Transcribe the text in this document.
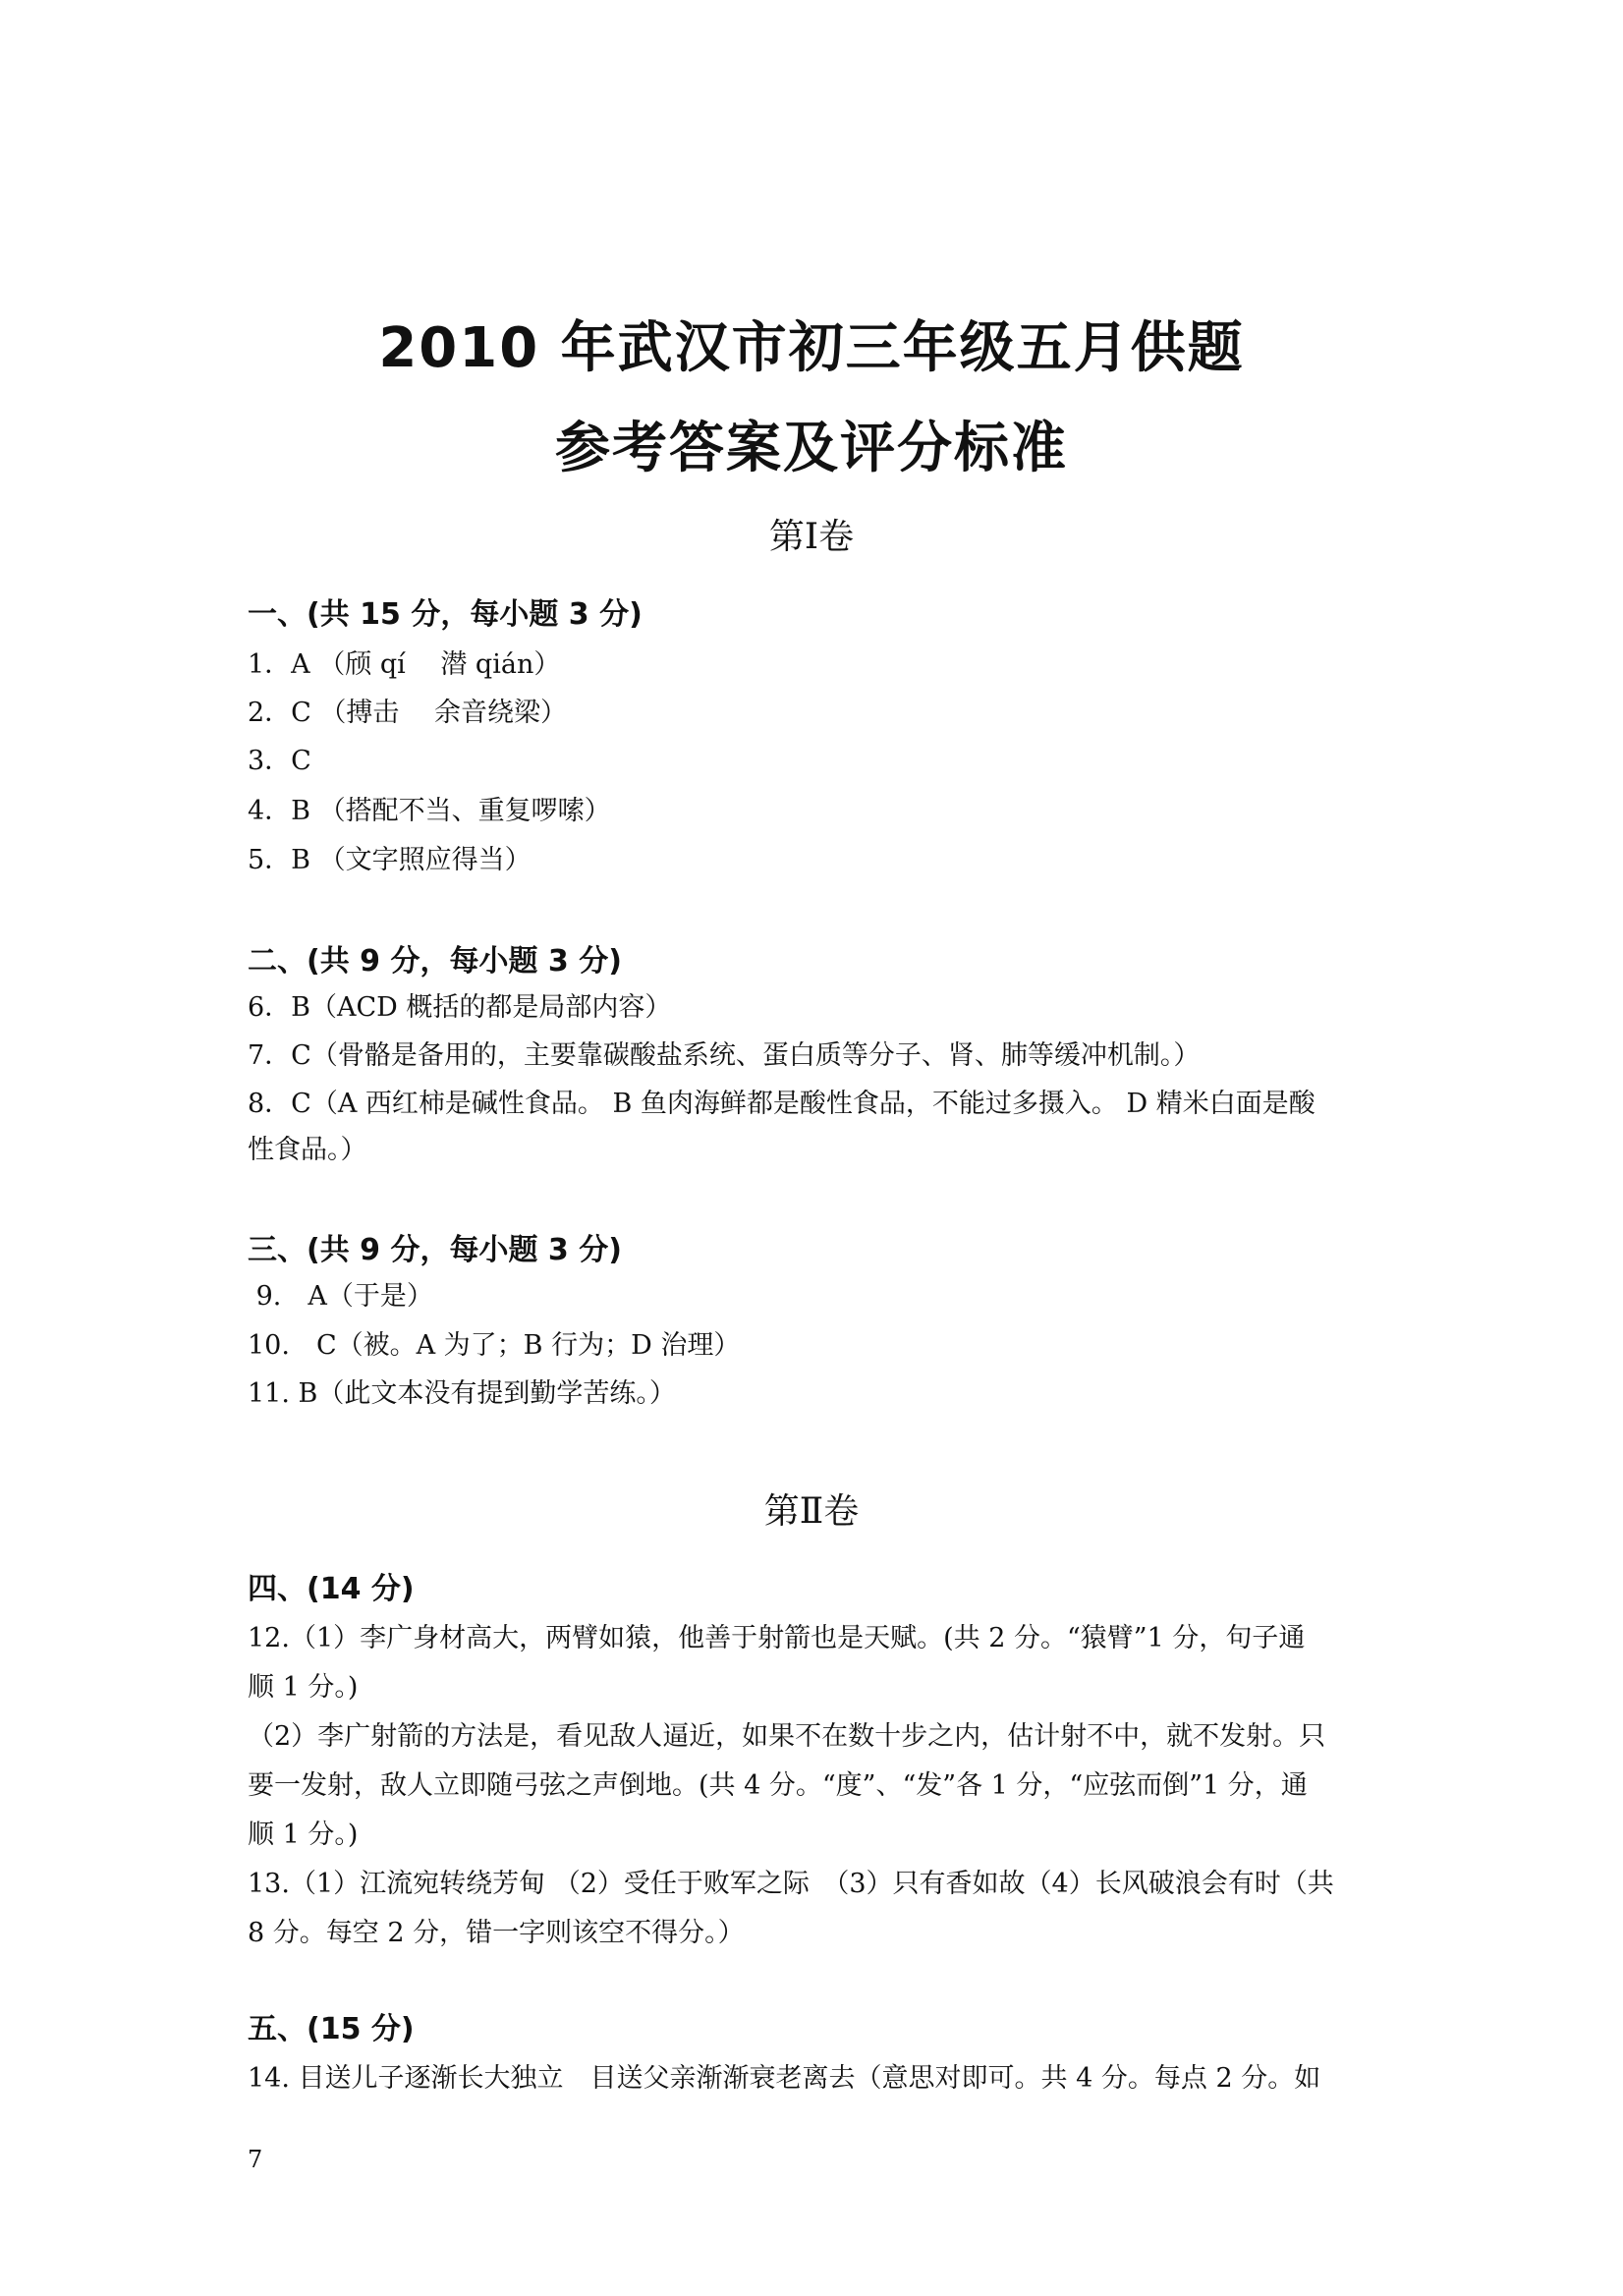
2010 年武汉市初三年级五月供题
参考答案及评分标准
第Ⅰ卷
一、(共 15 分，每小题 3 分)
1．A （颀 qí　 潜 qián）
2．C （搏击　 余音绕梁）
3．C
4．B （搭配不当、重复啰嗦）
5．B （文字照应得当）
二、(共 9 分，每小题 3 分)
6．B（ACD 概括的都是局部内容）
7．C（骨骼是备用的，主要靠碳酸盐系统、蛋白质等分子、肾、肺等缓冲机制。）
8．C（A 西红柿是碱性食品。 B 鱼肉海鲜都是酸性食品，不能过多摄入。 D 精米白面是酸
性食品。）
三、(共 9 分，每小题 3 分)
9.　A（于是）
10.　C（被。A 为了；B 行为；D 治理）
11. B（此文本没有提到勤学苦练。）
第Ⅱ卷
四、(14 分)
12.（1）李广身材高大，两臂如猿，他善于射箭也是天赋。(共 2 分。“猿臂”1 分，句子通
顺 1 分。)
（2）李广射箭的方法是，看见敌人逼近，如果不在数十步之内，估计射不中，就不发射。只
要一发射，敌人立即随弓弦之声倒地。(共 4 分。“度”、“发”各 1 分，“应弦而倒”1 分，通
顺 1 分。)
13.（1）江流宛转绕芳甸 （2）受任于败军之际　（3）只有香如故（4）长风破浪会有时（共
8 分。每空 2 分，错一字则该空不得分。）
五、(15 分)
14. 目送儿子逐渐长大独立　目送父亲渐渐衰老离去（意思对即可。共 4 分。每点 2 分。如
7
